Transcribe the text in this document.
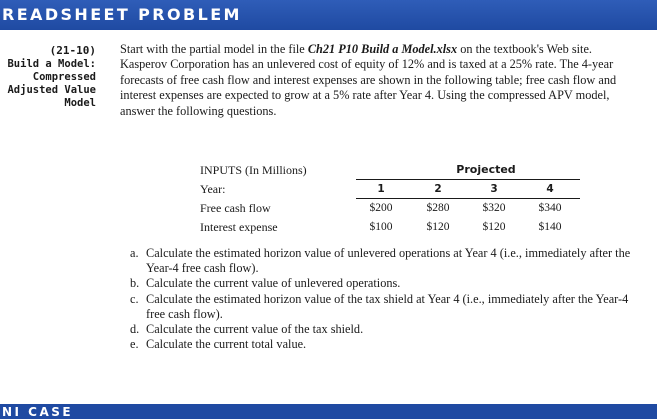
READSHEET PROBLEM
(21-10)
Build a Model:
Compressed
Adjusted Value
Model

Start with the partial model in the file Ch21 P10 Build a Model.xlsx on the textbook's Web site. Kasperov Corporation has an unlevered cost of equity of 12% and is taxed at a 25% rate. The 4-year forecasts of free cash flow and interest expenses are shown in the following table; free cash flow and interest expenses are expected to grow at a 5% rate after Year 4. Using the compressed APV model, answer the following questions.

INPUTS (In Millions)	Projected
Year:	1	2	3	4
Free cash flow	$200	$280	$320	$340
Interest expense	$100	$120	$120	$140
a. Calculate the estimated horizon value of unlevered operations at Year 4 (i.e., immediately after the Year-4 free cash flow).
b. Calculate the current value of unlevered operations.
c. Calculate the estimated horizon value of the tax shield at Year 4 (i.e., immediately after the Year-4 free cash flow).
d. Calculate the current value of the tax shield.
e. Calculate the current total value.
NI CASE
